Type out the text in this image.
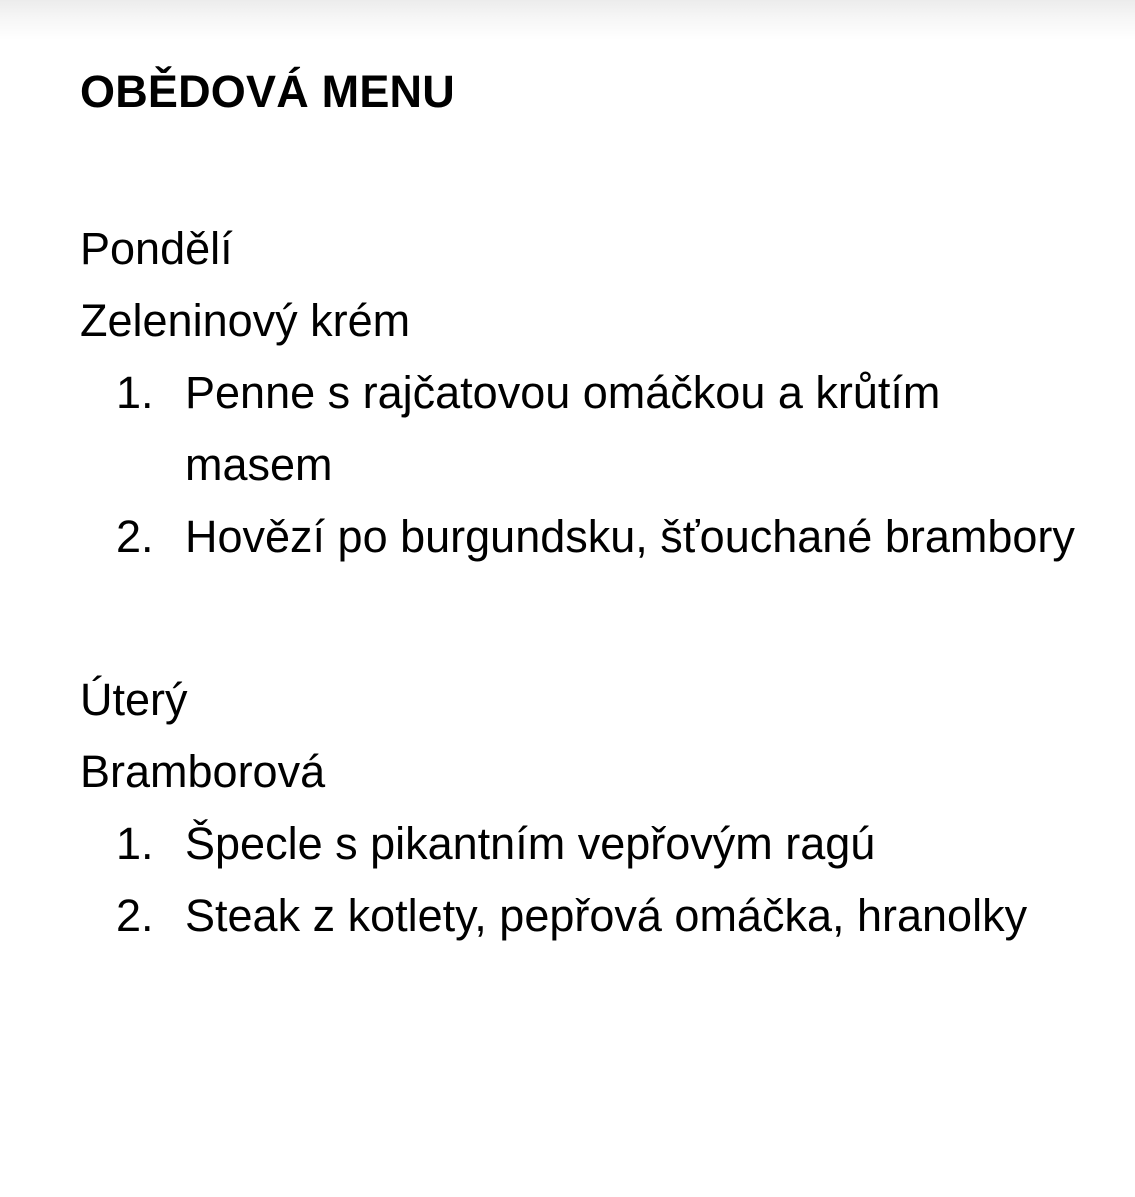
OBĚDOVÁ MENU

Pondělí

Zeleninový krém

1. Penne s rajčatovou omáčkou a krůtím masem
2. Hovězí po burgundsku, šťouchané brambory

Úterý

Bramborová

1. Špecle s pikantním vepřovým ragú
2. Steak z kotlety, pepřová omáčka, hranolky
